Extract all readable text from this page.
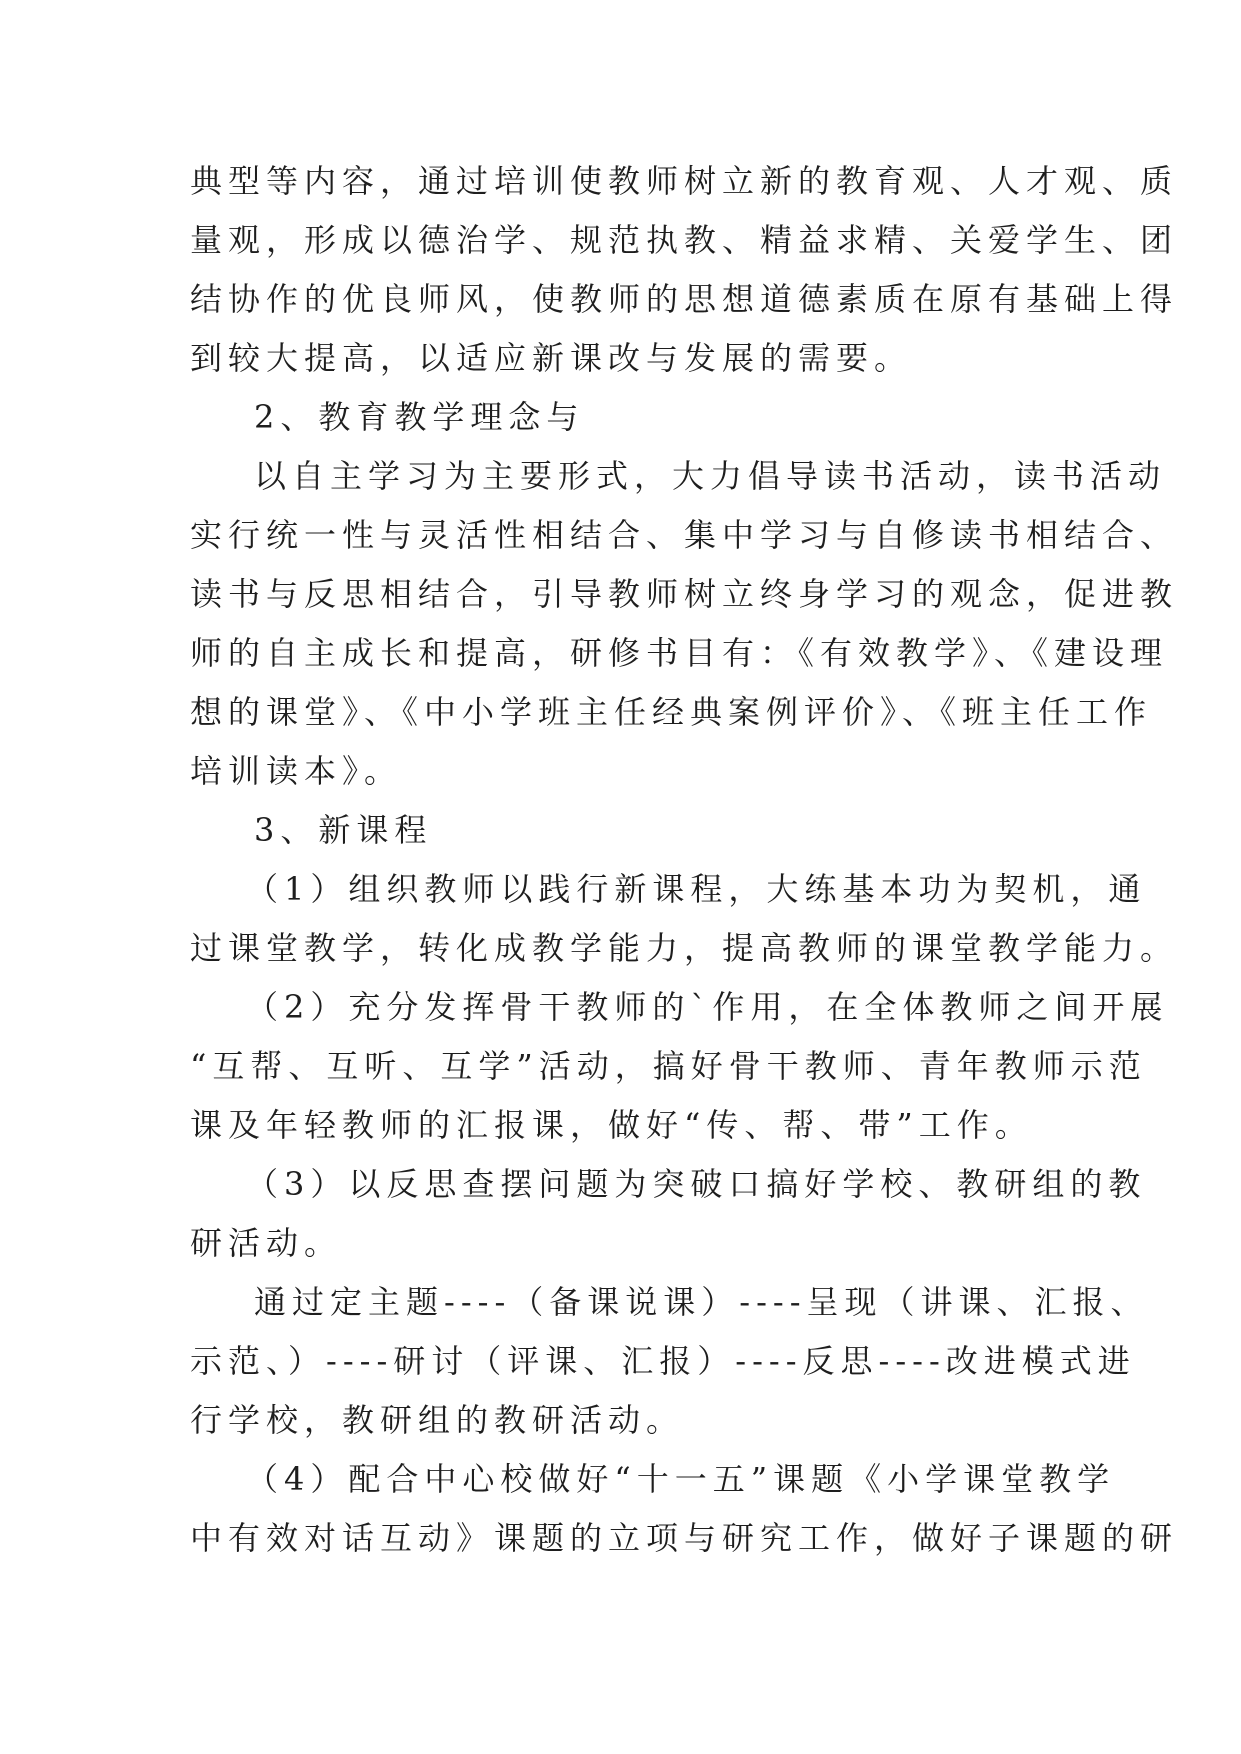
典型等内容，通过培训使教师树立新的教育观、人才观、质
量观，形成以德治学、规范执教、精益求精、关爱学生、团
结协作的优良师风，使教师的思想道德素质在原有基础上得
到较大提高，以适应新课改与发展的需要。
2、教育教学理念与
以自主学习为主要形式，大力倡导读书活动，读书活动
实行统一性与灵活性相结合、集中学习与自修读书相结合、
读书与反思相结合，引导教师树立终身学习的观念，促进教
师的自主成长和提高，研修书目有：《有效教学》、《建设理
想的课堂》、《中小学班主任经典案例评价》、《班主任工作
培训读本》。
3、新课程
（1）组织教师以践行新课程，大练基本功为契机，通
过课堂教学，转化成教学能力，提高教师的课堂教学能力。
（2）充分发挥骨干教师的`作用，在全体教师之间开展
“互帮、互听、互学”活动，搞好骨干教师、青年教师示范
课及年轻教师的汇报课，做好“传、帮、带”工作。
（3）以反思查摆问题为突破口搞好学校、教研组的教
研活动。
通过定主题----（备课说课）----呈现（讲课、汇报、
示范、）----研讨（评课、汇报）----反思----改进模式进
行学校，教研组的教研活动。
（4）配合中心校做好“十一五”课题《小学课堂教学
中有效对话互动》课题的立项与研究工作，做好子课题的研
